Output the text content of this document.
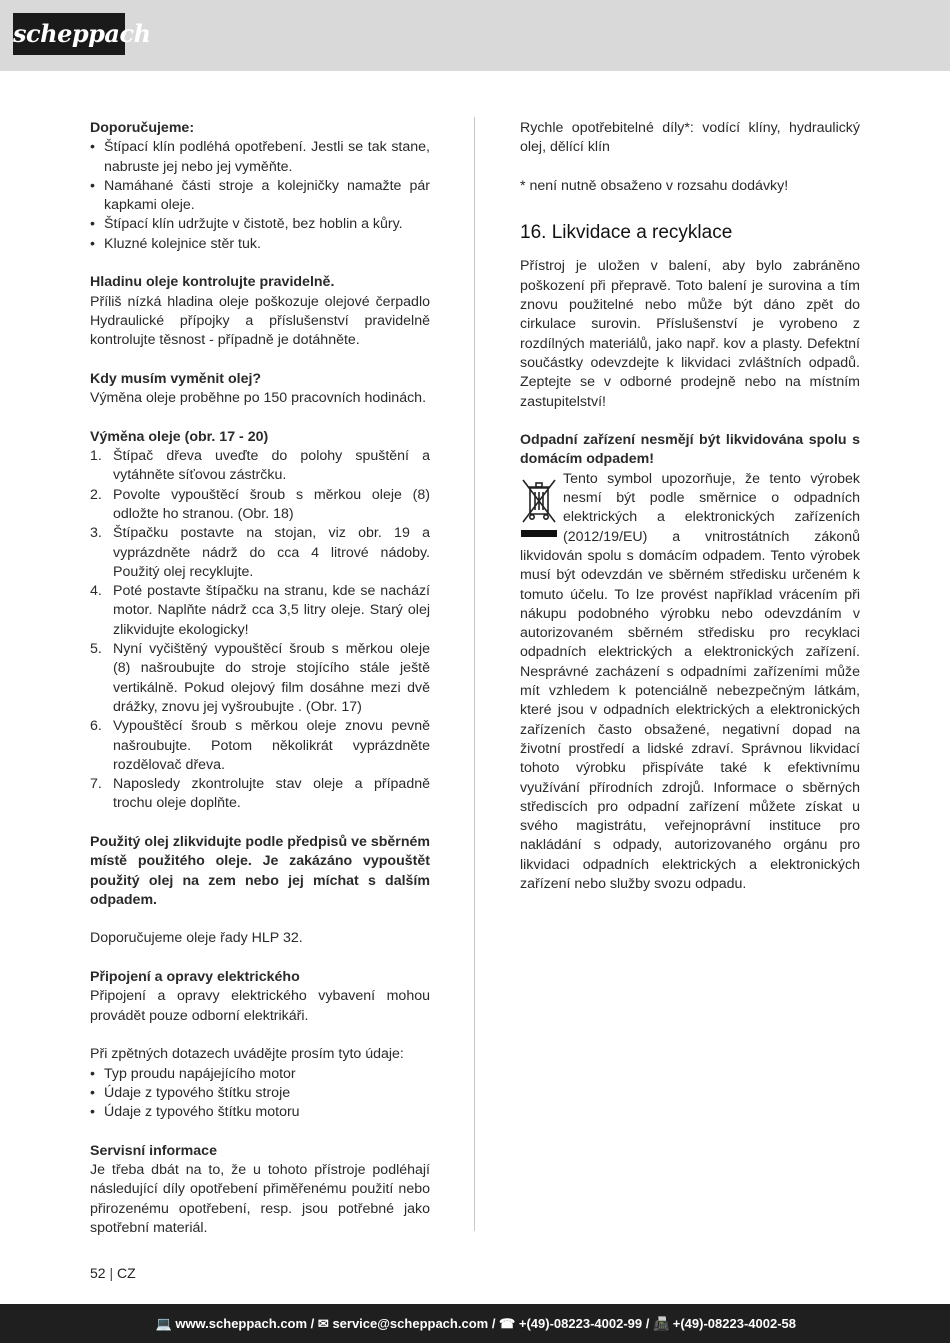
scheppach

Doporučujeme:

• Štípací klín podléhá opotřebení. Jestli se tak stane, nabruste jej nebo jej vyměňte.
• Namáhané části stroje a kolejničky namažte pár kapkami oleje.
• Štípací klín udržujte v čistotě, bez hoblin a kůry.
• Kluzné kolejnice stěr tuk.

Hladinu oleje kontrolujte pravidelně.

Příliš nízká hladina oleje poškozuje olejové čerpadlo Hydraulické přípojky a příslušenství pravidelně kontrolujte těsnost - případně je dotáhněte.

Kdy musím vyměnit olej?

Výměna oleje proběhne po 150 pracovních hodinách.

Výměna oleje (obr. 17 - 20)

1. Štípač dřeva uveďte do polohy spuštění a vytáhněte síťovou zástrčku.
2. Povolte vypouštěcí šroub s měrkou oleje (8) odložte ho stranou. (Obr. 18)
3. Štípačku postavte na stojan, viz obr. 19 a vyprázdněte nádrž do cca 4 litrové nádoby. Použitý olej recyklujte.
4. Poté postavte štípačku na stranu, kde se nachází motor. Naplňte nádrž cca 3,5 litry oleje. Starý olej zlikvidujte ekologicky!
5. Nyní vyčištěný vypouštěcí šroub s měrkou oleje (8) našroubujte do stroje stojícího stále ještě vertikálně. Pokud olejový film dosáhne mezi dvě drážky, znovu jej vyšroubujte . (Obr. 17)
6. Vypouštěcí šroub s měrkou oleje znovu pevně našroubujte. Potom několikrát vyprázdněte rozdělovač dřeva.
7. Naposledy zkontrolujte stav oleje a případně trochu oleje doplňte.

Použitý olej zlikvidujte podle předpisů ve sběrném místě použitého oleje. Je zakázáno vypouštět použitý olej na zem nebo jej míchat s dalším odpadem.

Doporučujeme oleje řady HLP 32.

Připojení a opravy elektrického

Připojení a opravy elektrického vybavení mohou provádět pouze odborní elektrikáři.

Při zpětných dotazech uvádějte prosím tyto údaje:

• Typ proudu napájejícího motor
• Údaje z typového štítku stroje
• Údaje z typového štítku motoru

Servisní informace

Je třeba dbát na to, že u tohoto přístroje podléhají následující díly opotřebení přiměřenému použití nebo přirozenému opotřebení, resp. jsou potřebné jako spotřební materiál.

Rychle opotřebitelné díly*: vodící klíny, hydraulický olej, dělící klín

* není nutně obsaženo v rozsahu dodávky!

16. Likvidace a recyklace

Přístroj je uložen v balení, aby bylo zabráněno poškození při přepravě. Toto balení je surovina a tím znovu použitelné nebo může být dáno zpět do cirkulace surovin. Příslušenství je vyrobeno z rozdílných materiálů, jako např. kov a plasty. Defektní součástky odevzdejte k likvidaci zvláštních odpadů. Zeptejte se v odborné prodejně nebo na místním zastupitelství!

Odpadní zařízení nesmějí být likvidována spolu s domácím odpadem!

Tento symbol upozorňuje, že tento výrobek nesmí být podle směrnice o odpadních elektrických a elektronických zařízeních (2012/19/EU) a vnitrostátních zákonů likvidován spolu s domácím odpadem. Tento výrobek musí být odevzdán ve sběrném středisku určeném k tomuto účelu. To lze provést například vrácením při nákupu podobného výrobku nebo odevzdáním v autorizovaném sběrném středisku pro recyklaci odpadních elektrických a elektronických zařízení. Nesprávné zacházení s odpadními zařízeními může mít vzhledem k potenciálně nebezpečným látkám, které jsou v odpadních elektrických a elektronických zařízeních často obsažené, negativní dopad na životní prostředí a lidské zdraví. Správnou likvidací tohoto výrobku přispíváte také k efektivnímu využívání přírodních zdrojů. Informace o sběrných střediscích pro odpadní zařízení můžete získat u svého magistrátu, veřejnoprávní instituce pro nakládání s odpady, autorizovaného orgánu pro likvidaci odpadních elektrických a elektronických zařízení nebo služby svozu odpadu.

52 | CZ
💻 www.scheppach.com / ✉ service@scheppach.com / ☎ +(49)-08223-4002-99 / 📠 +(49)-08223-4002-58
